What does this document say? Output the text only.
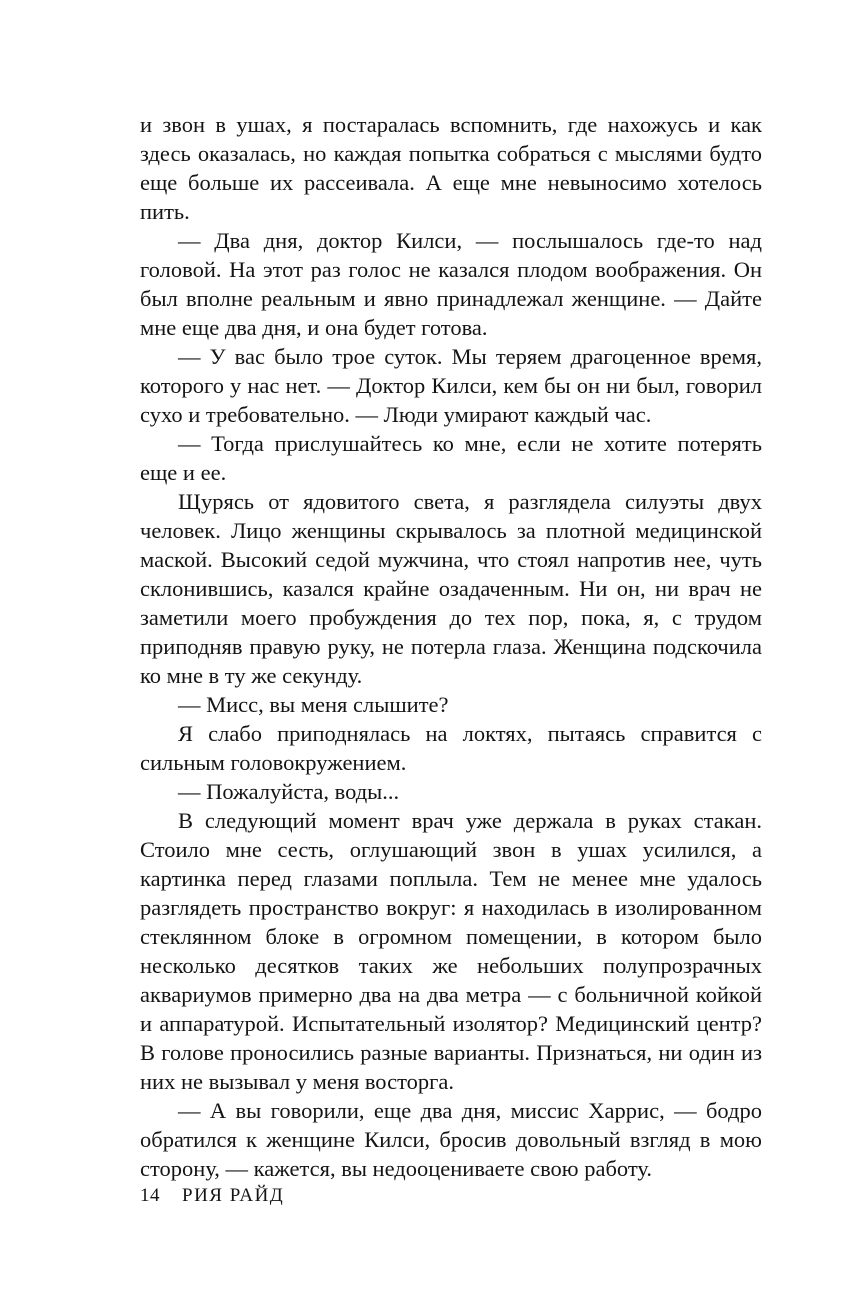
и звон в ушах, я постаралась вспомнить, где нахожусь и как здесь оказалась, но каждая попытка собраться с мыслями будто еще больше их рассеивала. А еще мне невыносимо хотелось пить.

— Два дня, доктор Килси, — послышалось где-то над головой. На этот раз голос не казался плодом воображения. Он был вполне реальным и явно принадлежал женщине. — Дайте мне еще два дня, и она будет готова.

— У вас было трое суток. Мы теряем драгоценное время, которого у нас нет. — Доктор Килси, кем бы он ни был, говорил сухо и требовательно. — Люди умирают каждый час.

— Тогда прислушайтесь ко мне, если не хотите потерять еще и ее.

Щурясь от ядовитого света, я разглядела силуэты двух человек. Лицо женщины скрывалось за плотной медицинской маской. Высокий седой мужчина, что стоял напротив нее, чуть склонившись, казался крайне озадаченным. Ни он, ни врач не заметили моего пробуждения до тех пор, пока, я, с трудом приподняв правую руку, не потерла глаза. Женщина подскочила ко мне в ту же секунду.

— Мисс, вы меня слышите?

Я слабо приподнялась на локтях, пытаясь справится с сильным головокружением.

— Пожалуйста, воды...

В следующий момент врач уже держала в руках стакан. Стоило мне сесть, оглушающий звон в ушах усилился, а картинка перед глазами поплыла. Тем не менее мне удалось разглядеть пространство вокруг: я находилась в изолированном стеклянном блоке в огромном помещении, в котором было несколько десятков таких же небольших полупрозрачных аквариумов примерно два на два метра — с больничной койкой и аппаратурой. Испытательный изолятор? Медицинский центр? В голове проносились разные варианты. Признаться, ни один из них не вызывал у меня восторга.

— А вы говорили, еще два дня, миссис Харрис, — бодро обратился к женщине Килси, бросив довольный взгляд в мою сторону, — кажется, вы недооцениваете свою работу.

14 РИЯ РАЙД
